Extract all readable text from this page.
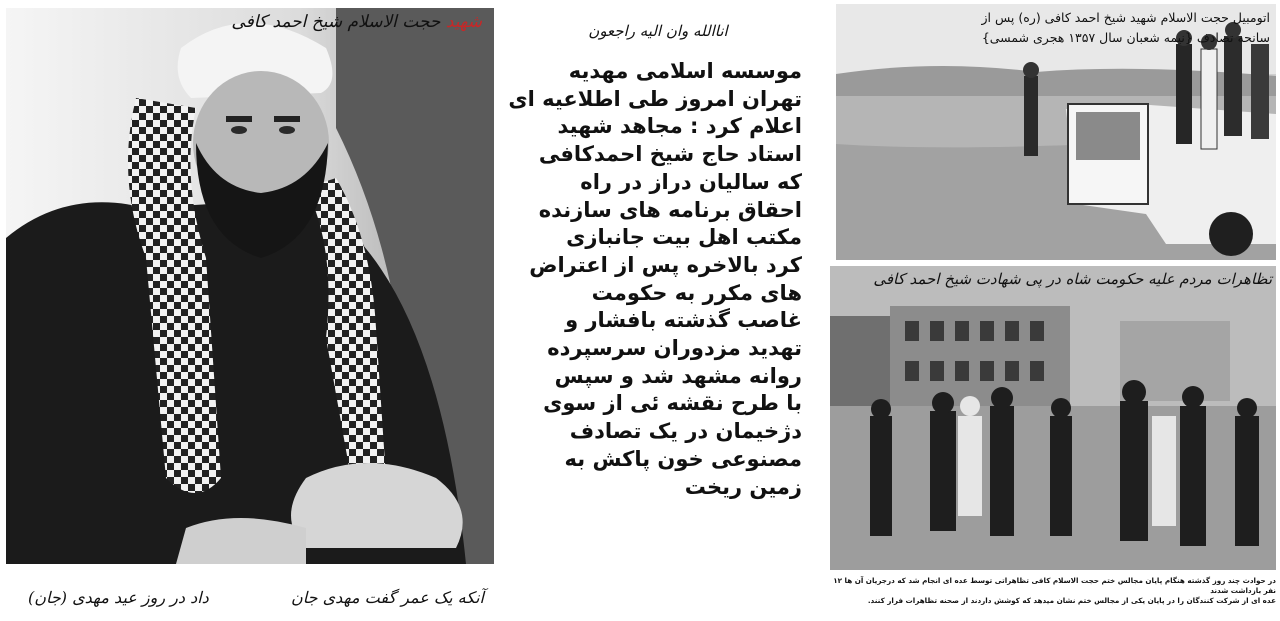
شهید حجت الاسلام شیخ احمد کافی
آنکه یک عمر گفت مهدی جان
داد در روز عید مهدی (جان)
اناالله وان الیه راجعون
موسسه اسلامی مهدیه
تهران امروز طی اطلاعیه ای
اعلام کرد : مجاهد شهید
استاد حاج شیخ احمدکافی
که سالیان دراز در راه
احقاق برنامه های سازنده
مکتب اهل بیت جانبازی
کرد بالاخره پس از اعتراض
های مکرر به حکومت
غاصب گذشته بافشار و
تهدید مزدوران سرسپرده
روانه مشهد شد و سپس
با طرح نقشه ئی از سوی
دژخیمان در یک تصادف
مصنوعی خون پاکش به
زمین ریخت
اتومبیل حجت الاسلام شهید شیخ احمد کافی (ره) پس از
سانحه تصادف {نیمه شعبان سال ۱۳۵۷ هجری شمسی}
تظاهرات مردم علیه حکومت شاه در پی شهادت شیخ احمد کافی
در حوادث چند روز گذشته هنگام پایان مجالس ختم حجت الاسلام کافی تظاهراتی توسط عده ای انجام شد که درجریان آن ها ۱۲ نفر بازداشت شدند
عده ای از شرکت کنندگان را در پایان یکی از مجالس ختم نشان میدهد که کوشش داردند از صحنه تظاهرات فرار کنند.
